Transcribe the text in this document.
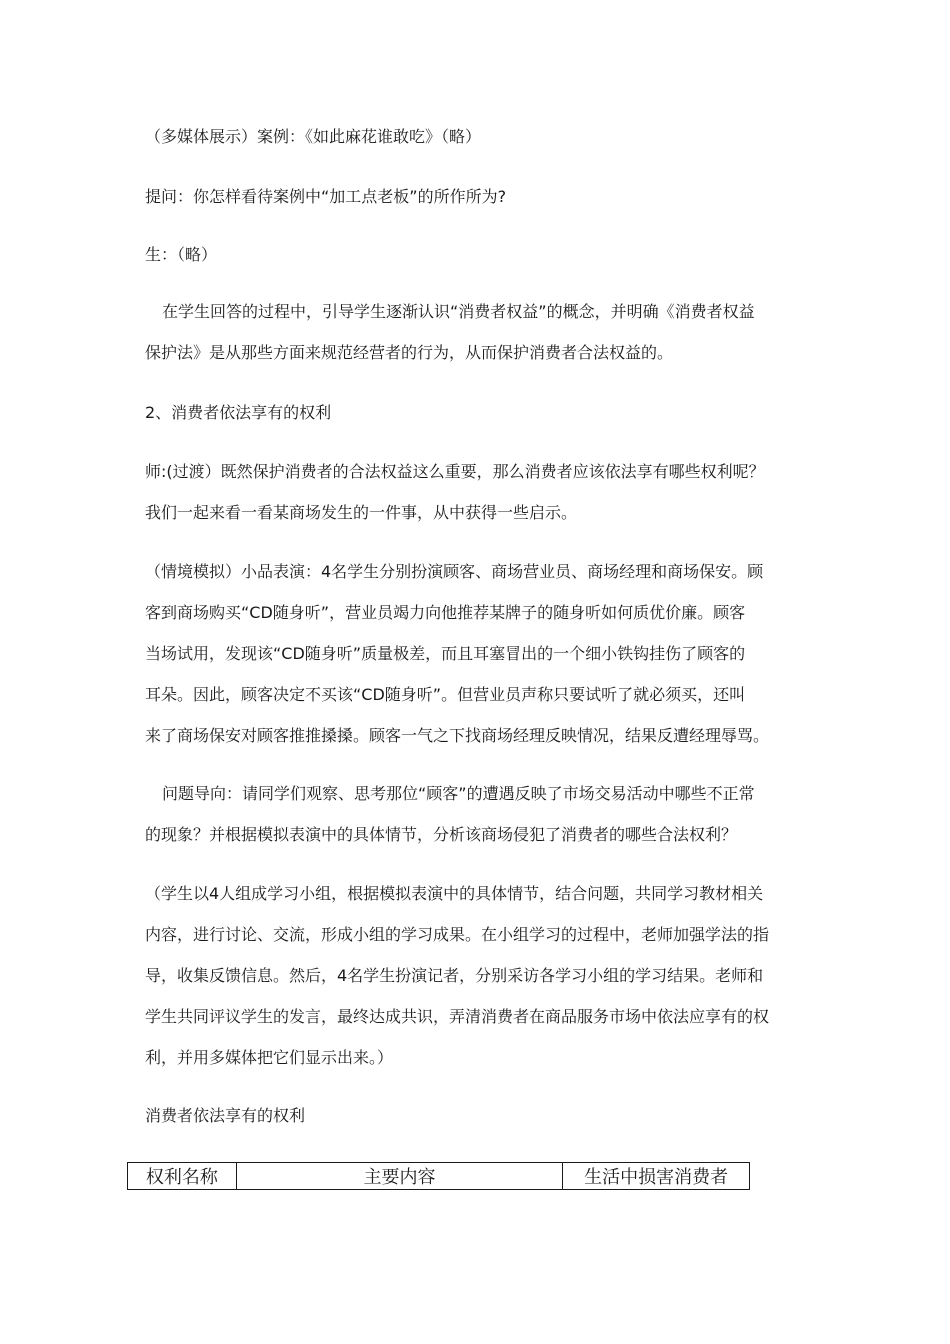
（多媒体展示）案例：《如此麻花谁敢吃》（略）
提问：你怎样看待案例中“加工点老板”的所作所为?
生：（略）
在学生回答的过程中，引导学生逐渐认识“消费者权益”的概念，并明确《消费者权益
保护法》是从那些方面来规范经营者的行为，从而保护消费者合法权益的。
2、消费者依法享有的权利
师:(过渡）既然保护消费者的合法权益这么重要，那么消费者应该依法享有哪些权利呢？
我们一起来看一看某商场发生的一件事，从中获得一些启示。
（情境模拟）小品表演：4名学生分别扮演顾客、商场营业员、商场经理和商场保安。顾
客到商场购买“CD随身听”，营业员竭力向他推荐某牌子的随身听如何质优价廉。顾客
当场试用，发现该“CD随身听”质量极差，而且耳塞冒出的一个细小铁钩挂伤了顾客的
耳朵。因此，顾客决定不买该“CD随身听”。但营业员声称只要试听了就必须买，还叫
来了商场保安对顾客推推搡搡。顾客一气之下找商场经理反映情况，结果反遭经理辱骂。
问题导向：请同学们观察、思考那位“顾客”的遭遇反映了市场交易活动中哪些不正常
的现象？并根据模拟表演中的具体情节，分析该商场侵犯了消费者的哪些合法权利？
（学生以4人组成学习小组，根据模拟表演中的具体情节，结合问题，共同学习教材相关
内容，进行讨论、交流，形成小组的学习成果。在小组学习的过程中，老师加强学法的指
导，收集反馈信息。然后，4名学生扮演记者，分别采访各学习小组的学习结果。老师和
学生共同评议学生的发言，最终达成共识，弄清消费者在商品服务市场中依法应享有的权
利，并用多媒体把它们显示出来。）
消费者依法享有的权利
权利名称	主要内容	生活中损害消费者
